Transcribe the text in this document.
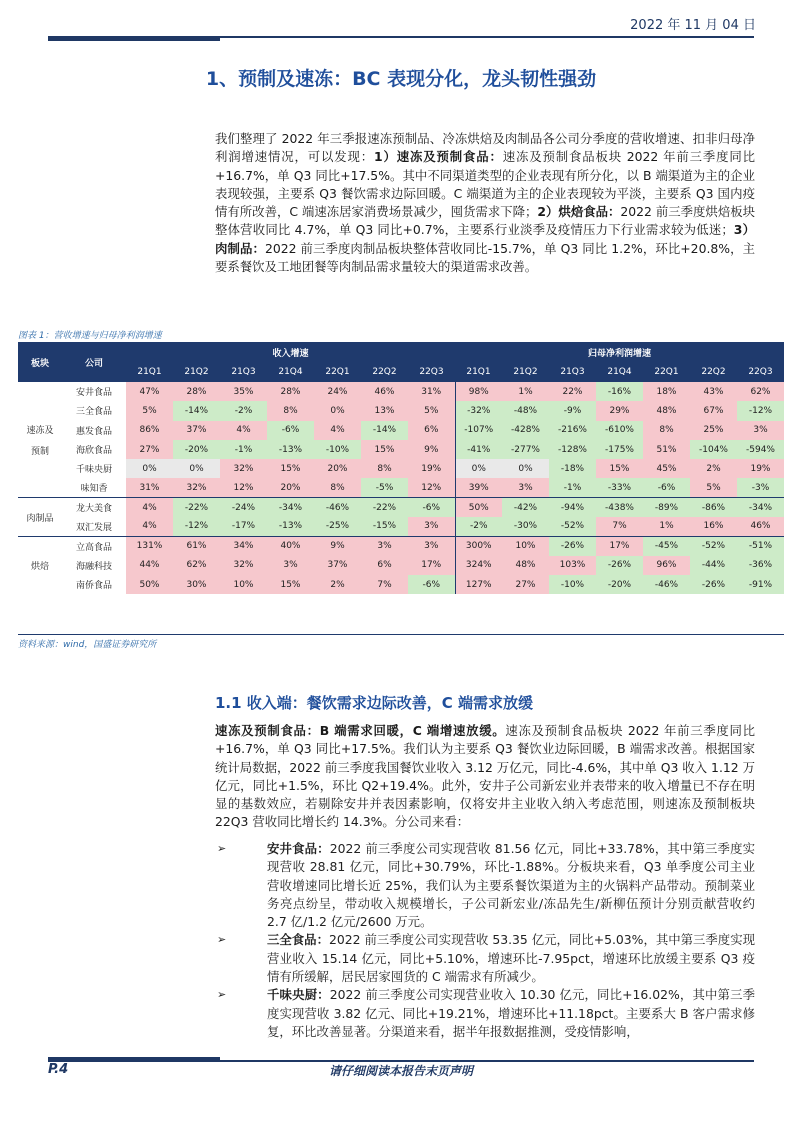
2022 年 11 月 04 日
1、预制及速冻：BC 表现分化，龙头韧性强劲
我们整理了 2022 年三季报速冻预制品、冷冻烘焙及肉制品各公司分季度的营收增速、扣非归母净利润增速情况，可以发现：1）速冻及预制食品：速冻及预制食品板块 2022 年前三季度同比+16.7%，单 Q3 同比+17.5%。其中不同渠道类型的企业表现有所分化，以 B 端渠道为主的企业表现较强，主要系 Q3 餐饮需求边际回暖。C 端渠道为主的企业表现较为平淡，主要系 Q3 国内疫情有所改善，C 端速冻居家消费场景减少，囤货需求下降；2）烘焙食品：2022 前三季度烘焙板块整体营收同比 4.7%，单 Q3 同比+0.7%，主要系行业淡季及疫情压力下行业需求较为低迷；3）肉制品：2022 前三季度肉制品板块整体营收同比-15.7%，单 Q3 同比 1.2%，环比+20.8%，主要系餐饮及工地团餐等肉制品需求量较大的渠道需求改善。
图表 1：营收增速与归母净利润增速
板块	公司	收入增速							归母净利润增速						
		21Q1	21Q2	21Q3	21Q4	22Q1	22Q2	22Q3	21Q1	21Q2	21Q3	21Q4	22Q1	22Q2	22Q3

速冻及
预制	安井食品	47%	28%	35%	28%	24%	46%	31%	98%	1%	22%	-16%	18%	43%	62%
	三全食品	5%	-14%	-2%	8%	0%	13%	5%	-32%	-48%	-9%	29%	48%	67%	-12%
	惠发食品	86%	37%	4%	-6%	4%	-14%	6%	-107%	-428%	-216%	-610%	8%	25%	3%
	海欣食品	27%	-20%	-1%	-13%	-10%	15%	9%	-41%	-277%	-128%	-175%	51%	-104%	-594%
	千味央厨	0%	0%	32%	15%	20%	8%	19%	0%	0%	-18%	15%	45%	2%	19%
	味知香	31%	32%	12%	20%	8%	-5%	12%	39%	3%	-1%	-33%	-6%	5%	-3%

肉制品	龙大美食	4%	-22%	-24%	-34%	-46%	-22%	-6%	50%	-42%	-94%	-438%	-89%	-86%	-34%
	双汇发展	4%	-12%	-17%	-13%	-25%	-15%	3%	-2%	-30%	-52%	7%	1%	16%	46%

烘焙	立高食品	131%	61%	34%	40%	9%	3%	3%	300%	10%	-26%	17%	-45%	-52%	-51%
	海融科技	44%	62%	32%	3%	37%	6%	17%	324%	48%	103%	-26%	96%	-44%	-36%
	南侨食品	50%	30%	10%	15%	2%	7%	-6%	127%	27%	-10%	-20%	-46%	-26%	-91%
资料来源：wind，国盛证券研究所
1.1 收入端：餐饮需求边际改善，C 端需求放缓
速冻及预制食品：B 端需求回暖，C 端增速放缓。速冻及预制食品板块 2022 年前三季度同比+16.7%，单 Q3 同比+17.5%。我们认为主要系 Q3 餐饮业边际回暖，B 端需求改善。根据国家统计局数据，2022 前三季度我国餐饮业收入 3.12 万亿元，同比-4.6%，其中单 Q3 收入 1.12 万亿元，同比+1.5%，环比 Q2+19.4%。此外，安井子公司新宏业并表带来的收入增量已不存在明显的基数效应，若剔除安井并表因素影响，仅将安井主业收入纳入考虑范围，则速冻及预制板块 22Q3 营收同比增长约 14.3%。分公司来看：
➢	安井食品：2022 前三季度公司实现营收 81.56 亿元，同比+33.78%，其中第三季度实现营收 28.81 亿元，同比+30.79%，环比-1.88%。分板块来看，Q3 单季度公司主业营收增速同比增长近 25%，我们认为主要系餐饮渠道为主的火锅料产品带动。预制菜业务亮点纷呈，带动收入规模增长，子公司新宏业/冻品先生/新柳伍预计分别贡献营收约 2.7 亿/1.2 亿元/2600 万元。
➢	三全食品：2022 前三季度公司实现营收 53.35 亿元，同比+5.03%，其中第三季度实现营业收入 15.14 亿元，同比+5.10%，增速环比-7.95pct，增速环比放缓主要系 Q3 疫情有所缓解，居民居家囤货的 C 端需求有所减少。
➢	千味央厨：2022 前三季度公司实现营业收入 10.30 亿元，同比+16.02%，其中第三季度实现营收 3.82 亿元、同比+19.21%，增速环比+11.18pct。主要系大 B 客户需求修复，环比改善显著。分渠道来看，据半年报数据推测，受疫情影响，
P.4	请仔细阅读本报告末页声明
